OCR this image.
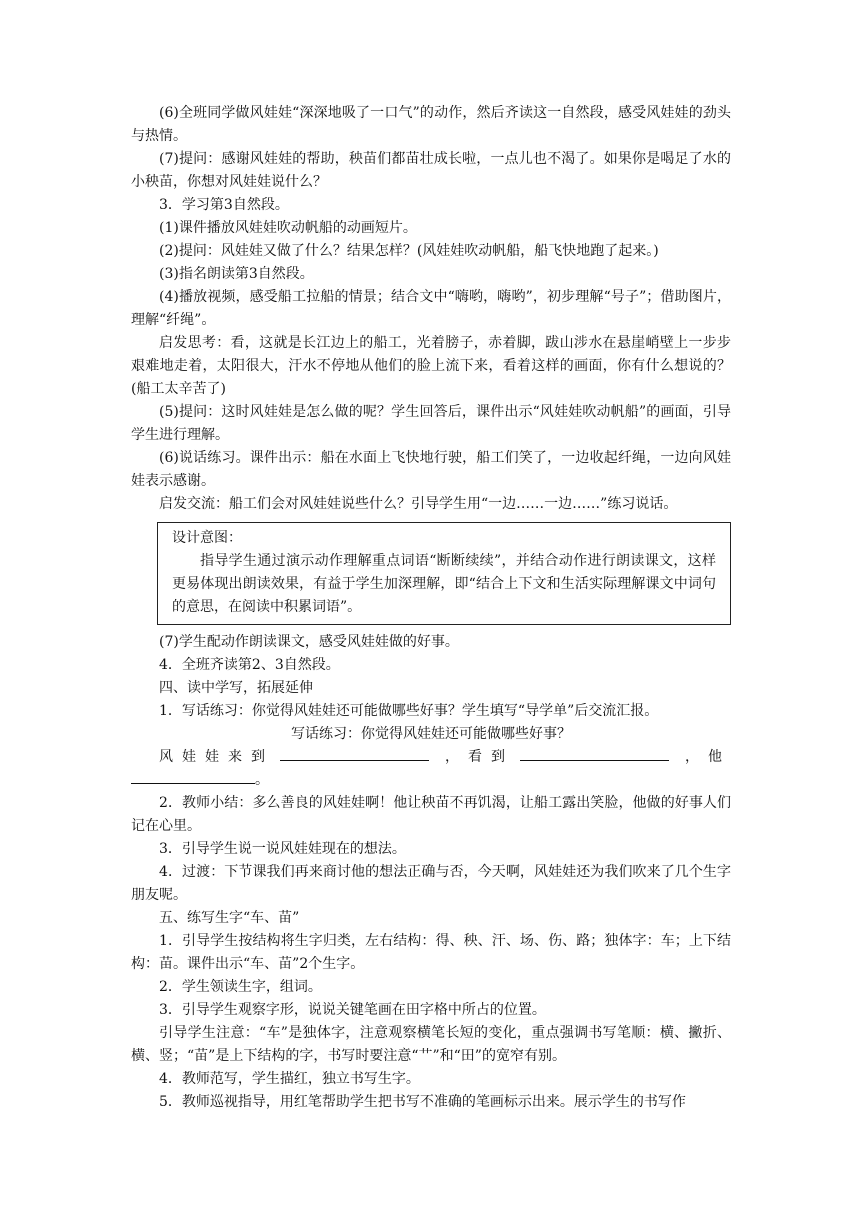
(6)全班同学做风娃娃“深深地吸了一口气”的动作，然后齐读这一自然段，感受风娃娃的劲头与热情。

(7)提问：感谢风娃娃的帮助，秧苗们都苗壮成长啦，一点儿也不渴了。如果你是喝足了水的小秧苗，你想对风娃娃说什么？

3．学习第3自然段。

(1)课件播放风娃娃吹动帆船的动画短片。

(2)提问：风娃娃又做了什么？结果怎样？(风娃娃吹动帆船，船飞快地跑了起来。)

(3)指名朗读第3自然段。

(4)播放视频，感受船工拉船的情景；结合文中“嗨哟，嗨哟”，初步理解“号子”；借助图片，理解“纤绳”。

启发思考：看，这就是长江边上的船工，光着膀子，赤着脚，跋山涉水在悬崖峭壁上一步步艰难地走着，太阳很大，汗水不停地从他们的脸上流下来，看着这样的画面，你有什么想说的？(船工太辛苦了)

(5)提问：这时风娃娃是怎么做的呢？学生回答后，课件出示“风娃娃吹动帆船”的画面，引导学生进行理解。

(6)说话练习。课件出示：船在水面上飞快地行驶，船工们笑了，一边收起纤绳，一边向风娃娃表示感谢。

启发交流：船工们会对风娃娃说些什么？引导学生用“一边……一边……”练习说话。

设计意图：

指导学生通过演示动作理解重点词语“断断续续”，并结合动作进行朗读课文，这样更易体现出朗读效果，有益于学生加深理解，即“结合上下文和生活实际理解课文中词句的意思，在阅读中积累词语”。

(7)学生配动作朗读课文，感受风娃娃做的好事。

4．全班齐读第2、3自然段。

四、读中学写，拓展延伸

1．写话练习：你觉得风娃娃还可能做哪些好事？学生填写“导学单”后交流汇报。

写话练习：你觉得风娃娃还可能做哪些好事？

风娃娃来到	，看到	，他
。

2．教师小结：多么善良的风娃娃啊！他让秧苗不再饥渴，让船工露出笑脸，他做的好事人们记在心里。

3．引导学生说一说风娃娃现在的想法。

4．过渡：下节课我们再来商讨他的想法正确与否，今天啊，风娃娃还为我们吹来了几个生字朋友呢。

五、练写生字“车、苗”

1．引导学生按结构将生字归类，左右结构：得、秧、汗、场、伤、路；独体字：车；上下结构：苗。课件出示“车、苗”2个生字。

2．学生领读生字，组词。

3．引导学生观察字形，说说关键笔画在田字格中所占的位置。

引导学生注意：“车”是独体字，注意观察横笔长短的变化，重点强调书写笔顺：横、撇折、横、竖；“苗”是上下结构的字，书写时要注意“艹”和“田”的宽窄有别。

4．教师范写，学生描红，独立书写生字。

5．教师巡视指导，用红笔帮助学生把书写不准确的笔画标示出来。展示学生的书写作
